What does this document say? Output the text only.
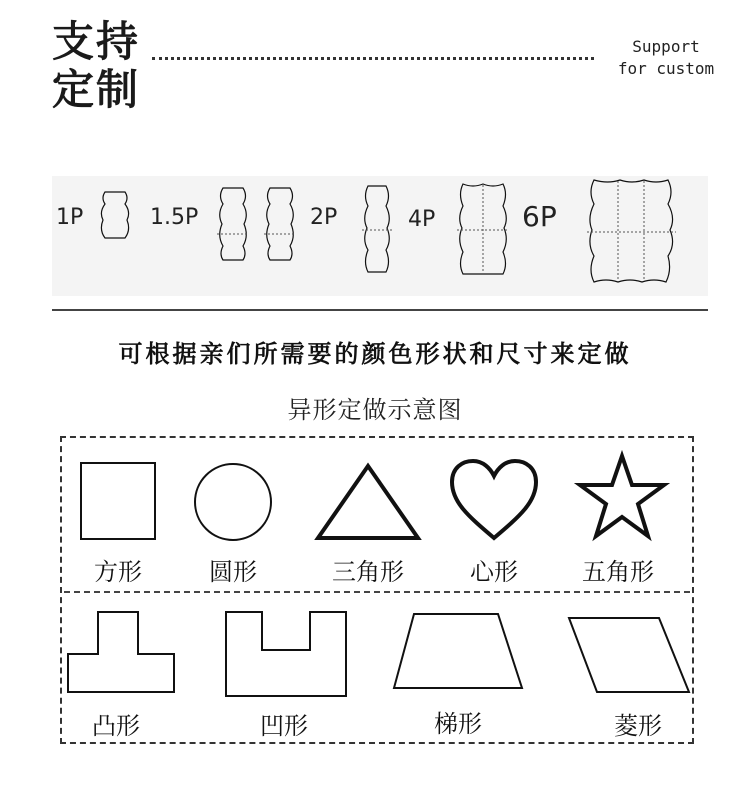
支持
定制
Support
for custom
1P	1.5P	2P	4P	6P
可根据亲们所需要的颜色形状和尺寸来定做
异形定做示意图
方形	圆形	三角形	心形	五角形
凸形	凹形	梯形	菱形
